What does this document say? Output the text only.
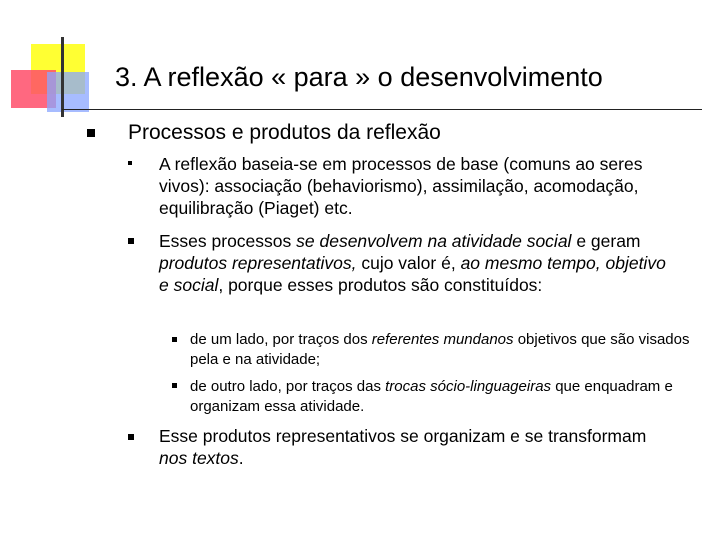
3. A reflexão « para » o desenvolvimento
Processos e produtos da reflexão
A reflexão baseia-se em processos de base (comuns ao seres vivos): associação (behaviorismo), assimilação, acomodação, equilibração (Piaget) etc.
Esses processos se desenvolvem na atividade social e geram produtos representativos, cujo valor é, ao mesmo tempo, objetivo e social, porque esses produtos são constituídos:
de um lado, por traços dos referentes mundanos objetivos que são visados pela e na atividade;
de outro lado, por traços das trocas sócio-linguageiras que enquadram e organizam essa atividade.
Esse produtos representativos se organizam e se transformam nos textos.
